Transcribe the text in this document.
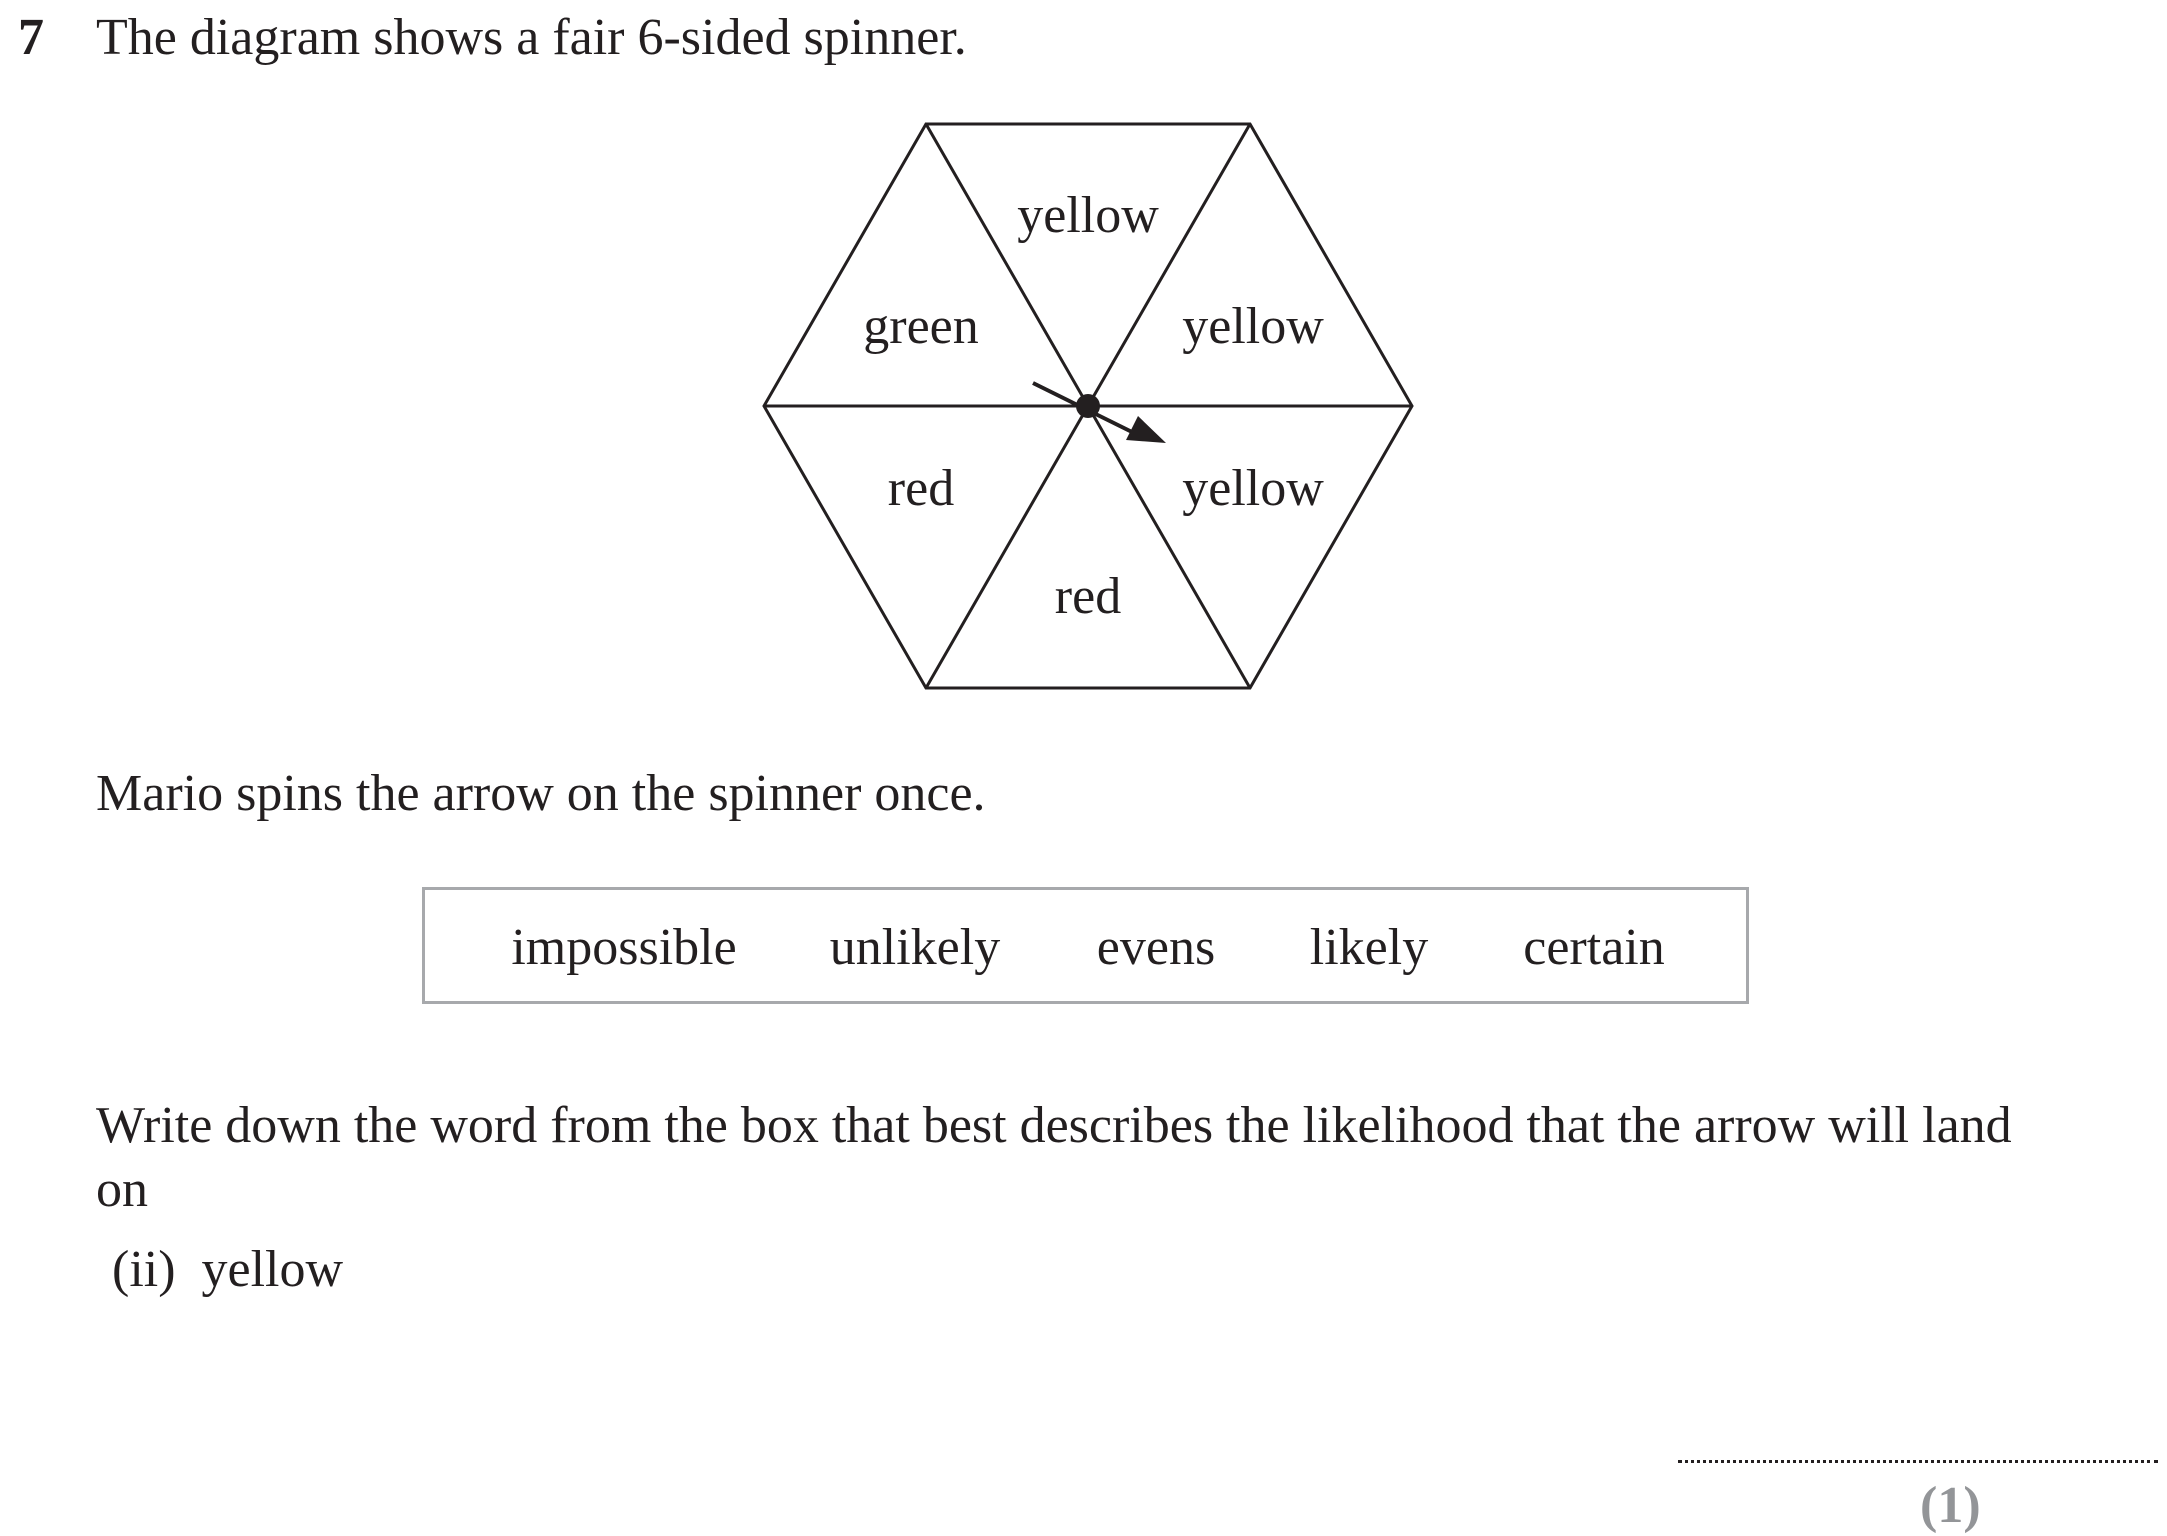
7 The diagram shows a fair 6-sided spinner.
yellow
yellow
yellow
red
red
green
Mario spins the arrow on the spinner once.
impossible unlikely evens likely certain
Write down the word from the box that best describes the likelihood that the arrow will land on
(ii) yellow
(1)
